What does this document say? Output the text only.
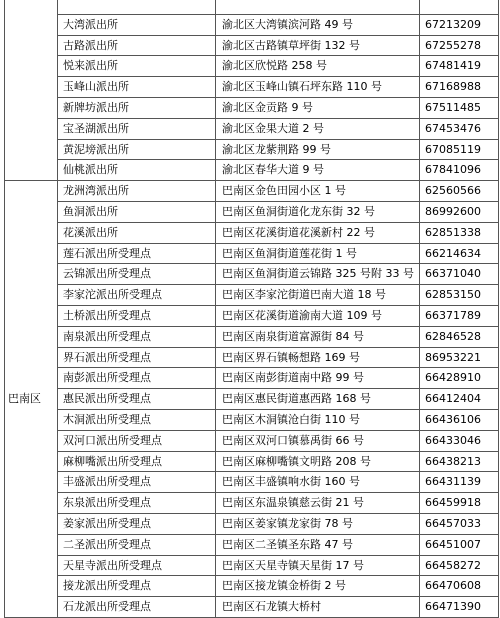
	大湾派出所	渝北区大湾镇滨河路 49 号	67213209
	古路派出所	渝北区古路镇草坪街 132 号	67255278
	悦来派出所	渝北区欣悦路 258 号	67481419
	玉峰山派出所	渝北区玉峰山镇石坪东路 110 号	67168988
	新牌坊派出所	渝北区金贡路 9 号	67511485
	宝圣湖派出所	渝北区金果大道 2 号	67453476
	黄泥塝派出所	渝北区龙紫荆路 99 号	67085119
	仙桃派出所	渝北区春华大道 9 号	67841096
巴南区	龙洲湾派出所	巴南区金色田园小区 1 号	62560566
	鱼洞派出所	巴南区鱼洞街道化龙东街 32 号	86992600
	花溪派出所	巴南区花溪街道花溪新村 22 号	62851338
	莲石派出所受理点	巴南区鱼洞街道莲花街 1 号	66214634
	云锦派出所受理点	巴南区鱼洞街道云锦路 325 号附 33 号	66371040
	李家沱派出所受理点	巴南区李家沱街道巴南大道 18 号	62853150
	土桥派出所受理点	巴南区花溪街道渝南大道 109 号	66371789
	南泉派出所受理点	巴南区南泉街道富源街 84 号	62846528
	界石派出所受理点	巴南区界石镇畅想路 169 号	86953221
	南彭派出所受理点	巴南区南彭街道南中路 99 号	66428910
	惠民派出所受理点	巴南区惠民街道惠西路 168 号	66412404
	木洞派出所受理点	巴南区木洞镇沧白街 110 号	66436106
	双河口派出所受理点	巴南区双河口镇慕禹街 66 号	66433046
	麻柳嘴派出所受理点	巴南区麻柳嘴镇文明路 208 号	66438213
	丰盛派出所受理点	巴南区丰盛镇响水街 160 号	66431139
	东泉派出所受理点	巴南区东温泉镇慈云街 21 号	66459918
	姜家派出所受理点	巴南区姜家镇龙家街 78 号	66457033
	二圣派出所受理点	巴南区二圣镇圣东路 47 号	66451007
	天星寺派出所受理点	巴南区天星寺镇天星街 17 号	66458272
	接龙派出所受理点	巴南区接龙镇金桥街 2 号	66470608
	石龙派出所受理点	巴南区石龙镇大桥村	66471390
